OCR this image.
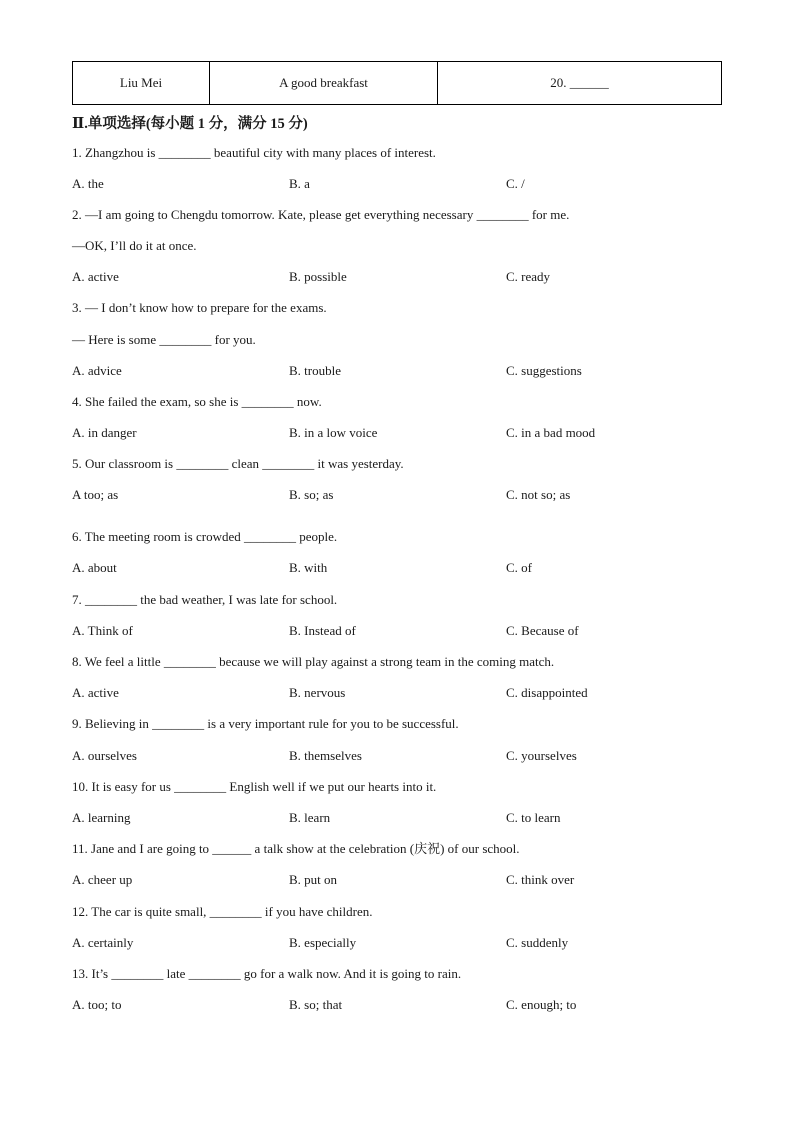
Liu Mei	A good breakfast	20. ______
Ⅱ.单项选择(每小题 1 分，满分 15 分)
1. Zhangzhou is ________ beautiful city with many places of interest.
A. the	B. a	C. /
2. —I am going to Chengdu tomorrow. Kate, please get everything necessary ________ for me.
—OK, I’ll do it at once.
A. active	B. possible	C. ready
3. — I don’t know how to prepare for the exams.
— Here is some ________ for you.
A. advice	B. trouble	C. suggestions
4. She failed the exam, so she is ________ now.
A. in danger	B. in a low voice	C. in a bad mood
5. Our classroom is ________ clean ________ it was yesterday.
A too; as	B. so; as	C. not so; as
6. The meeting room is crowded ________ people.
A. about	B. with	C. of
7. ________ the bad weather, I was late for school.
A. Think of	B. Instead of	C. Because of
8. We feel a little ________ because we will play against a strong team in the coming match.
A. active	B. nervous	C. disappointed
9. Believing in ________ is a very important rule for you to be successful.
A. ourselves	B. themselves	C. yourselves
10. It is easy for us ________ English well if we put our hearts into it.
A. learning	B. learn	C. to learn
11. Jane and I are going to ______ a talk show at the celebration (庆祝) of our school.
A. cheer up	B. put on	C. think over
12. The car is quite small, ________ if you have children.
A. certainly	B. especially	C. suddenly
13. It’s ________ late ________ go for a walk now. And it is going to rain.
A. too; to	B. so; that	C. enough; to
